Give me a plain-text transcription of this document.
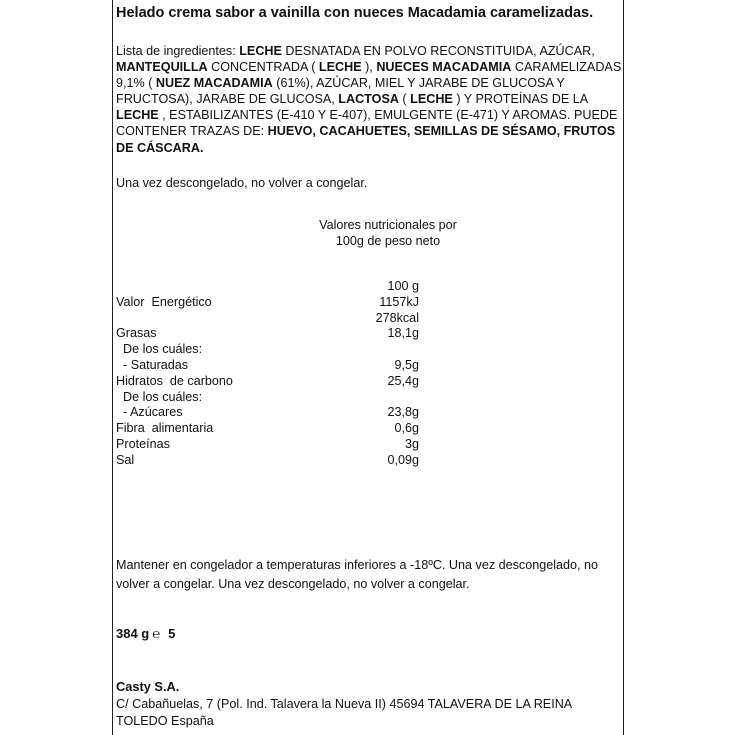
Helado crema sabor a vainilla con nueces Macadamia caramelizadas.
Lista de ingredientes: LECHE DESNATADA EN POLVO RECONSTITUIDA, AZÚCAR, MANTEQUILLA CONCENTRADA ( LECHE ), NUECES MACADAMIA CARAMELIZADAS 9,1% ( NUEZ MACADAMIA (61%), AZÚCAR, MIEL Y JARABE DE GLUCOSA Y FRUCTOSA), JARABE DE GLUCOSA, LACTOSA ( LECHE ) Y PROTEÍNAS DE LA LECHE , ESTABILIZANTES (E-410 Y E-407), EMULGENTE (E-471) Y AROMAS. PUEDE CONTENER TRAZAS DE: HUEVO, CACAHUETES, SEMILLAS DE SÉSAMO, FRUTOS DE CÁSCARA.
Una vez descongelado, no volver a congelar.
Valores nutricionales por
100g de peso neto
100 g
Valor  Energético	1157kJ
278kcal
Grasas	18,1g
De los cuáles:
- Saturadas	9,5g
Hidratos  de carbono	25,4g
De los cuáles:
- Azúcares	23,8g
Fibra  alimentaria	0,6g
Proteínas	3g
Sal	0,09g
Mantener en congelador a temperaturas inferiores a -18ºC. Una vez descongelado, no volver a congelar. Una vez descongelado, no volver a congelar.
384 g ℮ 5
Casty S.A.
C/ Cabañuelas, 7 (Pol. Ind. Talavera la Nueva II) 45694 TALAVERA DE LA REINA TOLEDO España
